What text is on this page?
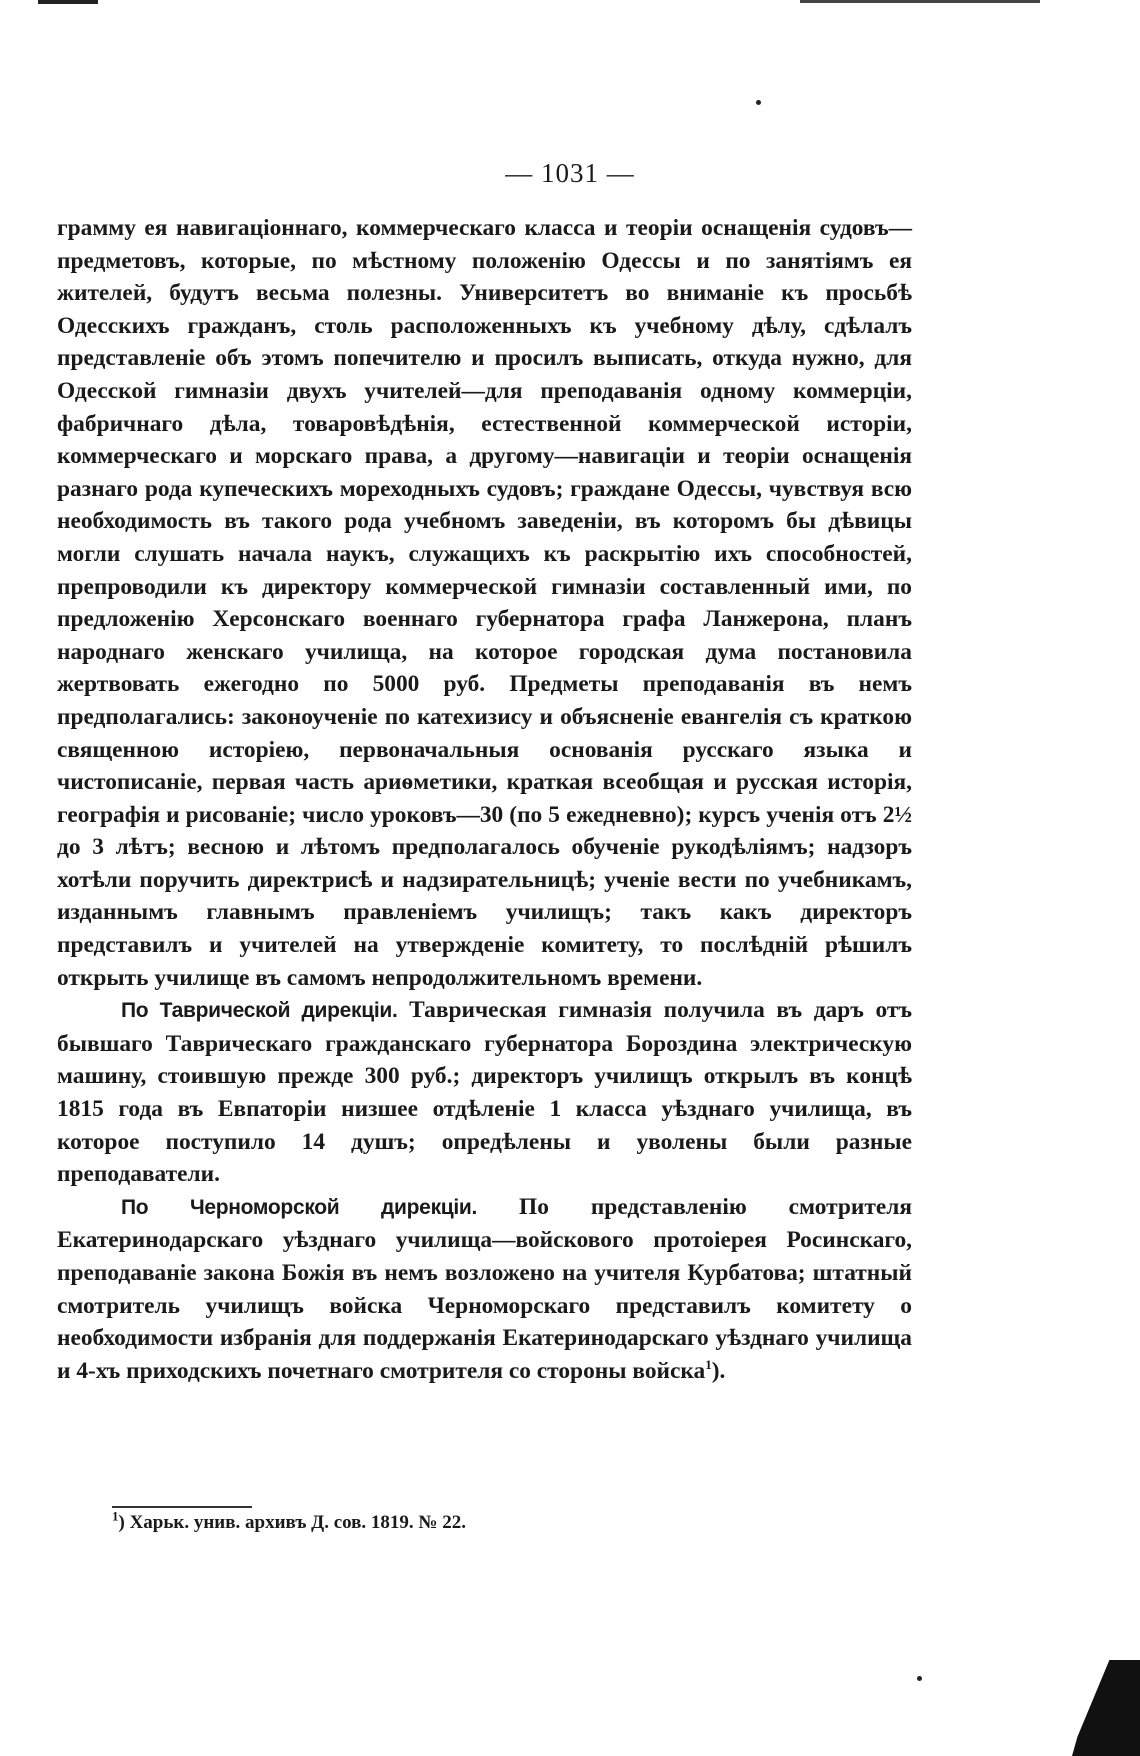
— 1031 —

грамму ея навигаціоннаго, коммерческаго класса и теоріи оснащенія судовъ—предметовъ, которые, по мѣстному положенію Одессы и по занятіямъ ея жителей, будутъ весьма полезны. Университетъ во вниманіе къ просьбѣ Одесскихъ гражданъ, столь расположенныхъ къ учебному дѣлу, сдѣлалъ представленіе объ этомъ попечителю и просилъ выписать, откуда нужно, для Одесской гимназіи двухъ учителей—для преподаванія одному коммерціи, фабричнаго дѣла, товаровѣдѣнія, естественной коммерческой исторіи, коммерческаго и морскаго права, а другому—навигаціи и теоріи оснащенія разнаго рода купеческихъ мореходныхъ судовъ; граждане Одессы, чувствуя всю необходимость въ такого рода учебномъ заведеніи, въ которомъ бы дѣвицы могли слушать начала наукъ, служащихъ къ раскрытію ихъ способностей, препроводили къ директору коммерческой гимназіи составленный ими, по предложенію Херсонскаго военнаго губернатора графа Ланжерона, планъ народнаго женскаго училища, на которое городская дума постановила жертвовать ежегодно по 5000 руб. Предметы преподаванія въ немъ предполагались: законоученіе по катехизису и объясненіе евангелія съ краткою священною исторіею, первоначальныя основанія русскаго языка и чистописаніе, первая часть ариѳметики, краткая всеобщая и русская исторія, географія и рисованіе; число уроковъ—30 (по 5 ежедневно); курсъ ученія отъ 2½ до 3 лѣтъ; весною и лѣтомъ предполагалось обученіе рукодѣліямъ; надзоръ хотѣли поручить директрисѣ и надзирательницѣ; ученіе вести по учебникамъ, изданнымъ главнымъ правленіемъ училищъ; такъ какъ директоръ представилъ и учителей на утвержденіе комитету, то послѣдній рѣшилъ открыть училище въ самомъ непродолжительномъ времени.

По Таврической дирекціи. Таврическая гимназія получила въ даръ отъ бывшаго Таврическаго гражданскаго губернатора Бороздина электрическую машину, стоившую прежде 300 руб.; директоръ училищъ открылъ въ концѣ 1815 года въ Евпаторіи низшее отдѣленіе 1 класса уѣзднаго училища, въ которое поступило 14 душъ; опредѣлены и уволены были разные преподаватели.

По Черноморской дирекціи. По представленію смотрителя Екатеринодарскаго уѣзднаго училища—войскового протоіерея Росинскаго, преподаваніе закона Божія въ немъ возложено на учителя Курбатова; штатный смотритель училищъ войска Черноморскаго представилъ комитету о необходимости избранія для поддержанія Екатеринодарскаго уѣзднаго училища и 4-хъ приходскихъ почетнаго смотрителя со стороны войска$^1$).

$^1$) Харьк. унив. архивъ Д. сов. 1819. № 22.
